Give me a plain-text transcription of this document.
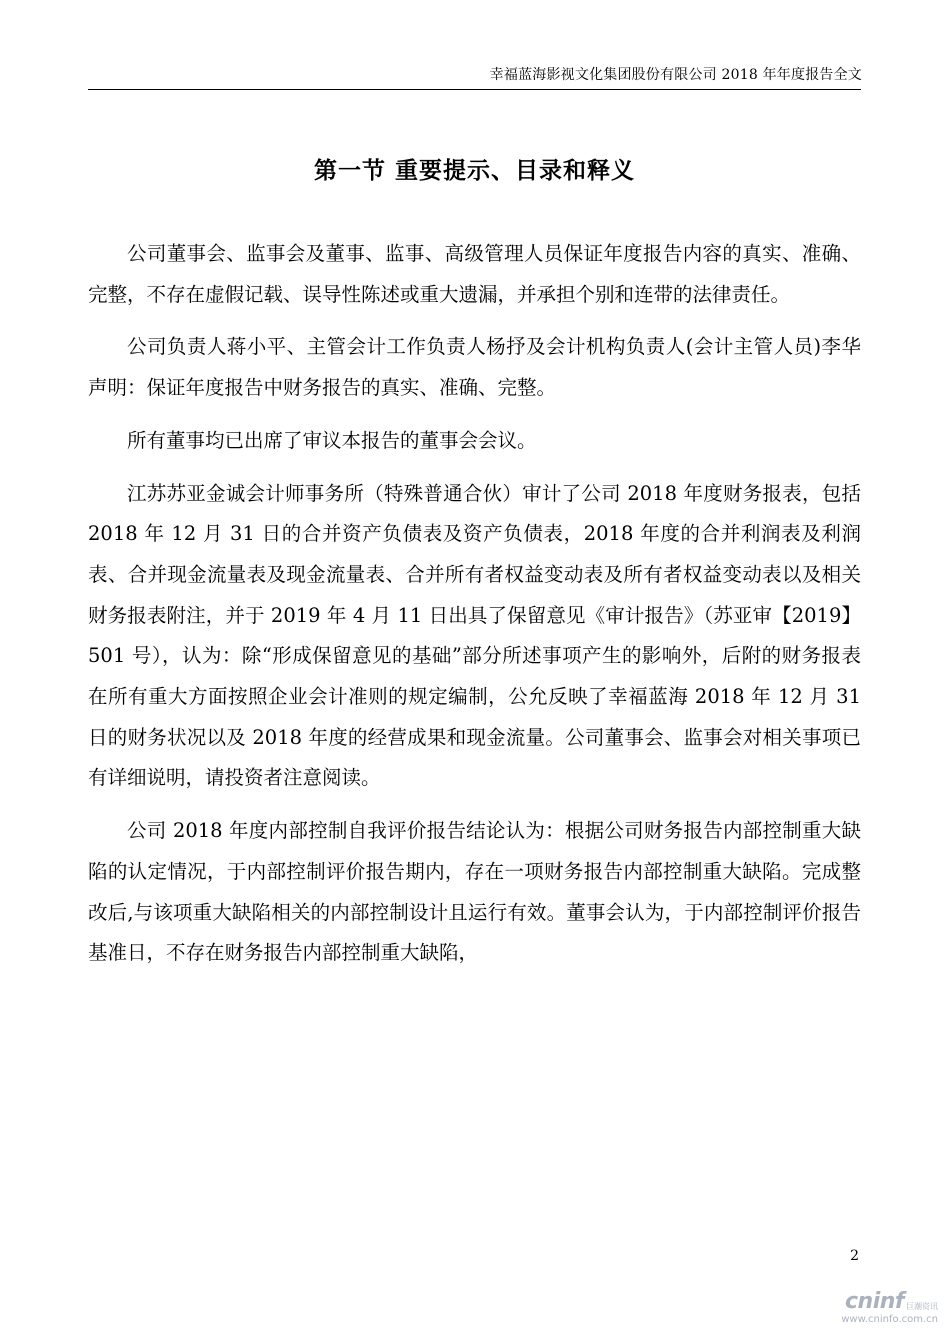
幸福蓝海影视文化集团股份有限公司 2018 年年度报告全文
第一节 重要提示、目录和释义

公司董事会、监事会及董事、监事、高级管理人员保证年度报告内容的真实、准确、完整，不存在虚假记载、误导性陈述或重大遗漏，并承担个别和连带的法律责任。

公司负责人蒋小平、主管会计工作负责人杨抒及会计机构负责人(会计主管人员)李华声明：保证年度报告中财务报告的真实、准确、完整。

所有董事均已出席了审议本报告的董事会会议。

江苏苏亚金诚会计师事务所（特殊普通合伙）审计了公司 2018 年度财务报表，包括 2018 年 12 月 31 日的合并资产负债表及资产负债表，2018 年度的合并利润表及利润表、合并现金流量表及现金流量表、合并所有者权益变动表及所有者权益变动表以及相关财务报表附注，并于 2019 年 4 月 11 日出具了保留意见《审计报告》（苏亚审【2019】501 号），认为：除“形成保留意见的基础”部分所述事项产生的影响外，后附的财务报表在所有重大方面按照企业会计准则的规定编制，公允反映了幸福蓝海 2018 年 12 月 31 日的财务状况以及 2018 年度的经营成果和现金流量。公司董事会、监事会对相关事项已有详细说明，请投资者注意阅读。

公司 2018 年度内部控制自我评价报告结论认为：根据公司财务报告内部控制重大缺陷的认定情况，于内部控制评价报告期内，存在一项财务报告内部控制重大缺陷。完成整改后,与该项重大缺陷相关的内部控制设计且运行有效。董事会认为，于内部控制评价报告基准日，不存在财务报告内部控制重大缺陷，

2
cninf 巨潮资讯
www.cninfo.com.cn
